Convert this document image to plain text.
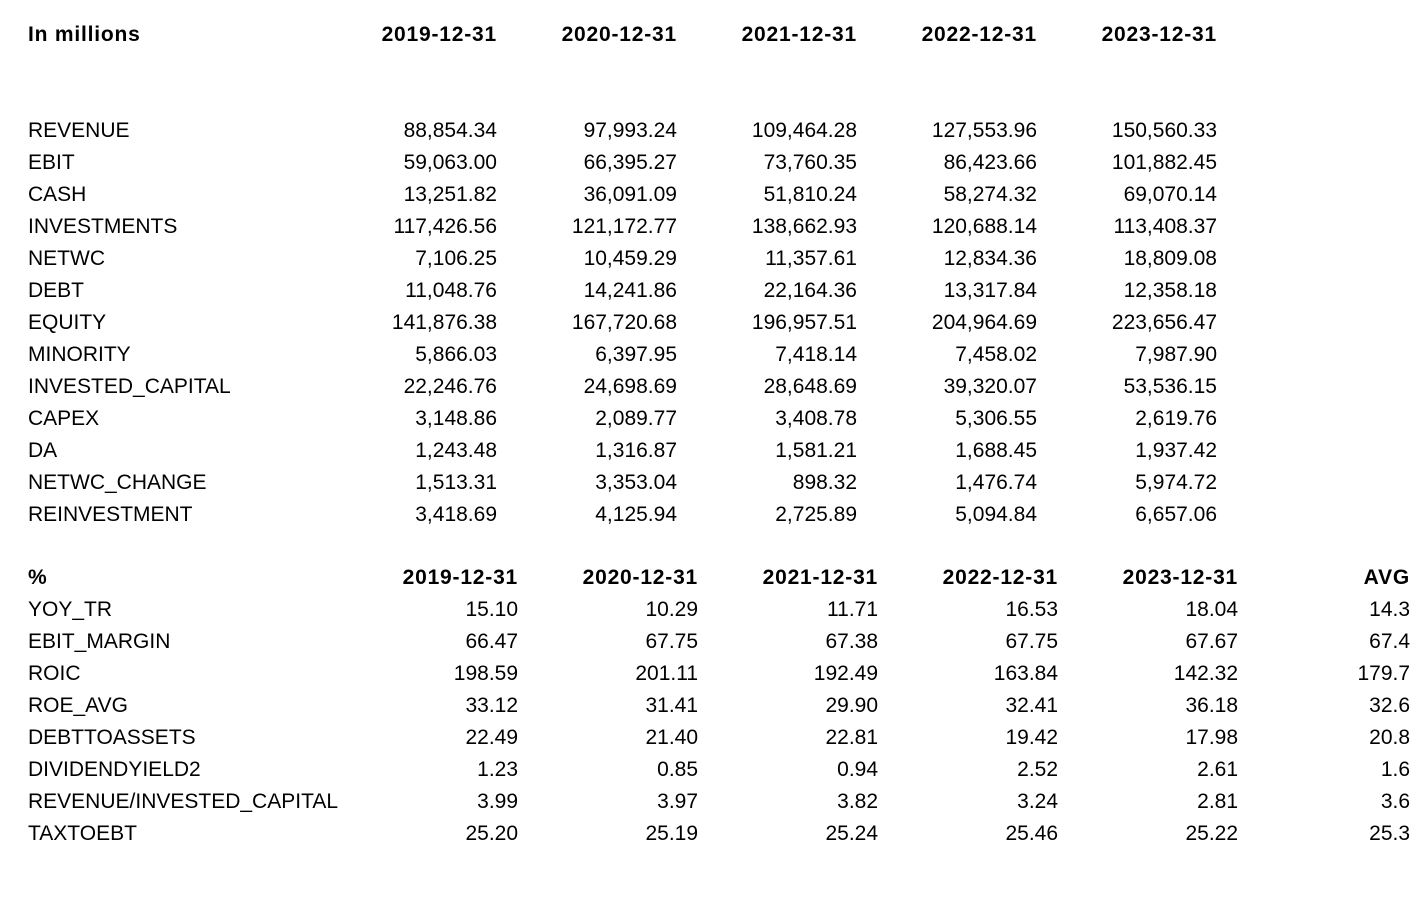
In millions	2019-12-31	2020-12-31	2021-12-31	2022-12-31	2023-12-31

REVENUE	88,854.34	97,993.24	109,464.28	127,553.96	150,560.33
EBIT	59,063.00	66,395.27	73,760.35	86,423.66	101,882.45
CASH	13,251.82	36,091.09	51,810.24	58,274.32	69,070.14
INVESTMENTS	117,426.56	121,172.77	138,662.93	120,688.14	113,408.37
NETWC	7,106.25	10,459.29	11,357.61	12,834.36	18,809.08
DEBT	11,048.76	14,241.86	22,164.36	13,317.84	12,358.18
EQUITY	141,876.38	167,720.68	196,957.51	204,964.69	223,656.47
MINORITY	5,866.03	6,397.95	7,418.14	7,458.02	7,987.90
INVESTED_CAPITAL	22,246.76	24,698.69	28,648.69	39,320.07	53,536.15
CAPEX	3,148.86	2,089.77	3,408.78	5,306.55	2,619.76
DA	1,243.48	1,316.87	1,581.21	1,688.45	1,937.42
NETWC_CHANGE	1,513.31	3,353.04	898.32	1,476.74	5,974.72
REINVESTMENT	3,418.69	4,125.94	2,725.89	5,094.84	6,657.06
%	2019-12-31	2020-12-31	2021-12-31	2022-12-31	2023-12-31	AVG
YOY_TR	15.10	10.29	11.71	16.53	18.04	14.3
EBIT_MARGIN	66.47	67.75	67.38	67.75	67.67	67.4
ROIC	198.59	201.11	192.49	163.84	142.32	179.7
ROE_AVG	33.12	31.41	29.90	32.41	36.18	32.6
DEBTTOASSETS	22.49	21.40	22.81	19.42	17.98	20.8
DIVIDENDYIELD2	1.23	0.85	0.94	2.52	2.61	1.6
REVENUE/INVESTED_CAPITAL	3.99	3.97	3.82	3.24	2.81	3.6
TAXTOEBT	25.20	25.19	25.24	25.46	25.22	25.3
